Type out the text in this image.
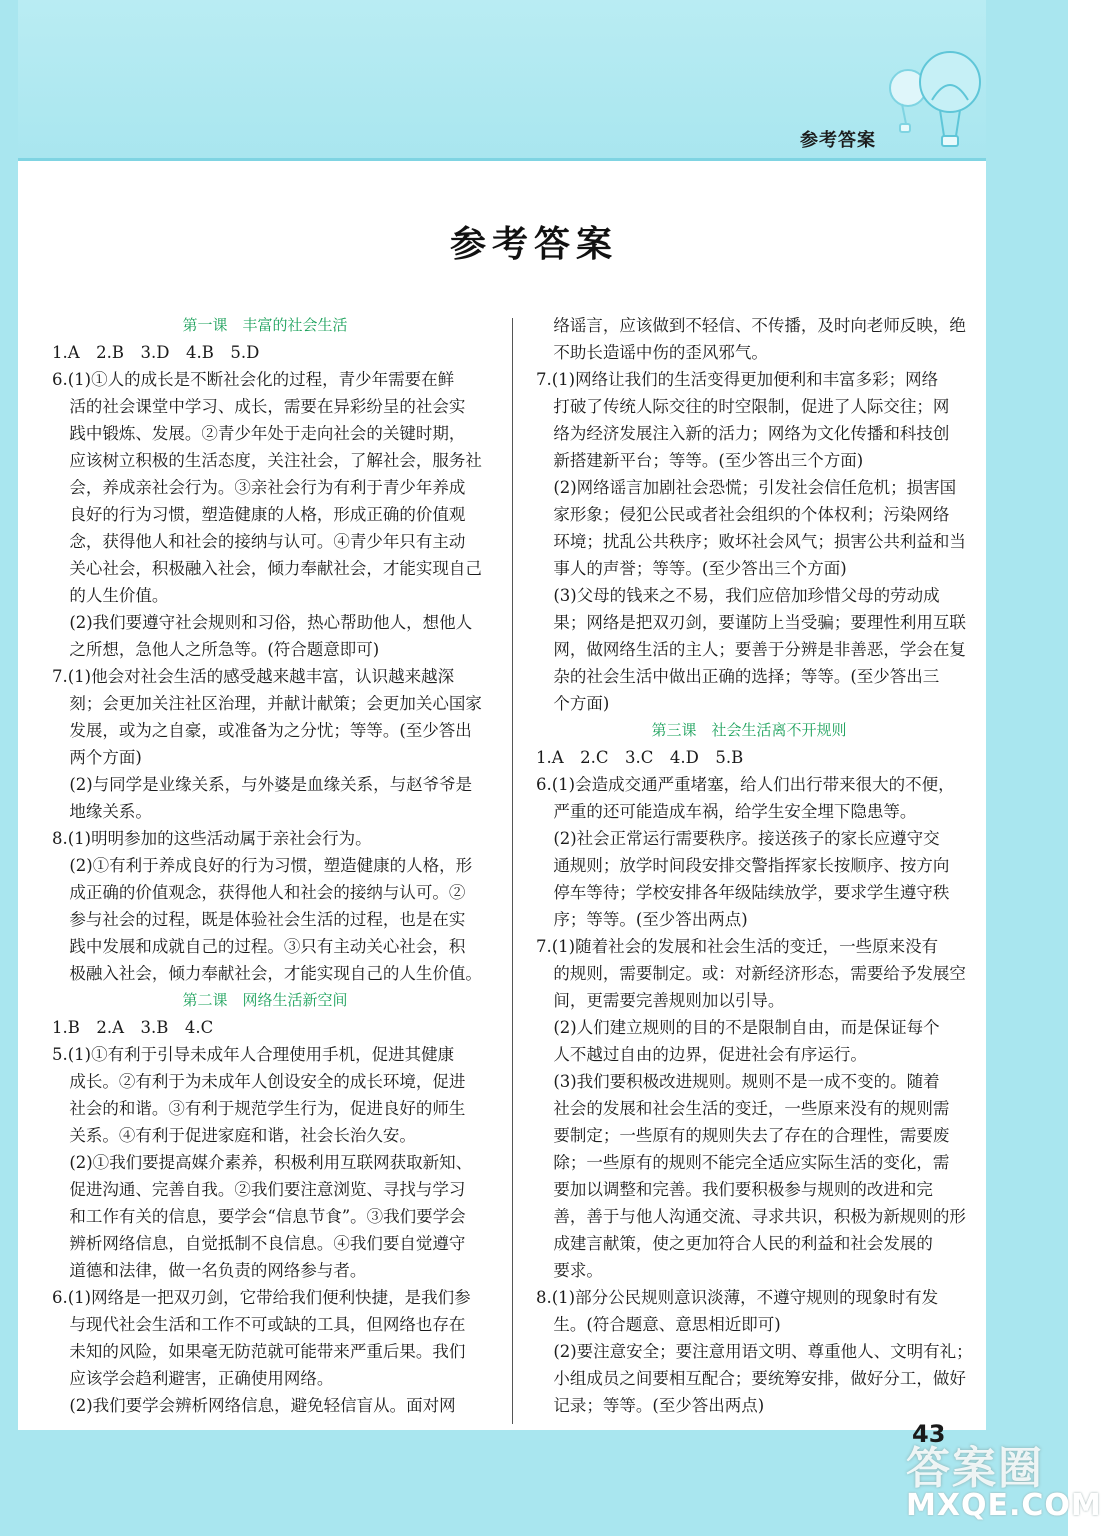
参考答案
参考答案
第一课　丰富的社会生活
1.A　2.B　3.D　4.B　5.D
6.(1)①人的成长是不断社会化的过程，青少年需要在鲜
活的社会课堂中学习、成长，需要在异彩纷呈的社会实
践中锻炼、发展。②青少年处于走向社会的关键时期，
应该树立积极的生活态度，关注社会，了解社会，服务社
会，养成亲社会行为。③亲社会行为有利于青少年养成
良好的行为习惯，塑造健康的人格，形成正确的价值观
念，获得他人和社会的接纳与认可。④青少年只有主动
关心社会，积极融入社会，倾力奉献社会，才能实现自己
的人生价值。
(2)我们要遵守社会规则和习俗，热心帮助他人，想他人
之所想，急他人之所急等。(符合题意即可)
7.(1)他会对社会生活的感受越来越丰富，认识越来越深
刻；会更加关注社区治理，并献计献策；会更加关心国家
发展，或为之自豪，或准备为之分忧；等等。(至少答出
两个方面)
(2)与同学是业缘关系，与外婆是血缘关系，与赵爷爷是
地缘关系。
8.(1)明明参加的这些活动属于亲社会行为。
(2)①有利于养成良好的行为习惯，塑造健康的人格，形
成正确的价值观念，获得他人和社会的接纳与认可。②
参与社会的过程，既是体验社会生活的过程，也是在实
践中发展和成就自己的过程。③只有主动关心社会，积
极融入社会，倾力奉献社会，才能实现自己的人生价值。
第二课　网络生活新空间
1.B　2.A　3.B　4.C
5.(1)①有利于引导未成年人合理使用手机，促进其健康
成长。②有利于为未成年人创设安全的成长环境，促进
社会的和谐。③有利于规范学生行为，促进良好的师生
关系。④有利于促进家庭和谐，社会长治久安。
(2)①我们要提高媒介素养，积极利用互联网获取新知、
促进沟通、完善自我。②我们要注意浏览、寻找与学习
和工作有关的信息，要学会“信息节食”。③我们要学会
辨析网络信息，自觉抵制不良信息。④我们要自觉遵守
道德和法律，做一名负责的网络参与者。
6.(1)网络是一把双刃剑，它带给我们便利快捷，是我们参
与现代社会生活和工作不可或缺的工具，但网络也存在
未知的风险，如果毫无防范就可能带来严重后果。我们
应该学会趋利避害，正确使用网络。
(2)我们要学会辨析网络信息，避免轻信盲从。面对网
络谣言，应该做到不轻信、不传播，及时向老师反映，绝
不助长造谣中伤的歪风邪气。
7.(1)网络让我们的生活变得更加便利和丰富多彩；网络
打破了传统人际交往的时空限制，促进了人际交往；网
络为经济发展注入新的活力；网络为文化传播和科技创
新搭建新平台；等等。(至少答出三个方面)
(2)网络谣言加剧社会恐慌；引发社会信任危机；损害国
家形象；侵犯公民或者社会组织的个体权利；污染网络
环境；扰乱公共秩序；败坏社会风气；损害公共利益和当
事人的声誉；等等。(至少答出三个方面)
(3)父母的钱来之不易，我们应倍加珍惜父母的劳动成
果；网络是把双刃剑，要谨防上当受骗；要理性利用互联
网，做网络生活的主人；要善于分辨是非善恶，学会在复
杂的社会生活中做出正确的选择；等等。(至少答出三
个方面)
第三课　社会生活离不开规则
1.A　2.C　3.C　4.D　5.B
6.(1)会造成交通严重堵塞，给人们出行带来很大的不便，
严重的还可能造成车祸，给学生安全埋下隐患等。
(2)社会正常运行需要秩序。接送孩子的家长应遵守交
通规则；放学时间段安排交警指挥家长按顺序、按方向
停车等待；学校安排各年级陆续放学，要求学生遵守秩
序；等等。(至少答出两点)
7.(1)随着社会的发展和社会生活的变迁，一些原来没有
的规则，需要制定。或：对新经济形态，需要给予发展空
间，更需要完善规则加以引导。
(2)人们建立规则的目的不是限制自由，而是保证每个
人不越过自由的边界，促进社会有序运行。
(3)我们要积极改进规则。规则不是一成不变的。随着
社会的发展和社会生活的变迁，一些原来没有的规则需
要制定；一些原有的规则失去了存在的合理性，需要废
除；一些原有的规则不能完全适应实际生活的变化，需
要加以调整和完善。我们要积极参与规则的改进和完
善，善于与他人沟通交流、寻求共识，积极为新规则的形
成建言献策，使之更加符合人民的利益和社会发展的
要求。
8.(1)部分公民规则意识淡薄，不遵守规则的现象时有发
生。(符合题意、意思相近即可)
(2)要注意安全；要注意用语文明、尊重他人、文明有礼；
小组成员之间要相互配合；要统筹安排，做好分工，做好
记录；等等。(至少答出两点)
答案圈
43
MXQE.COM
